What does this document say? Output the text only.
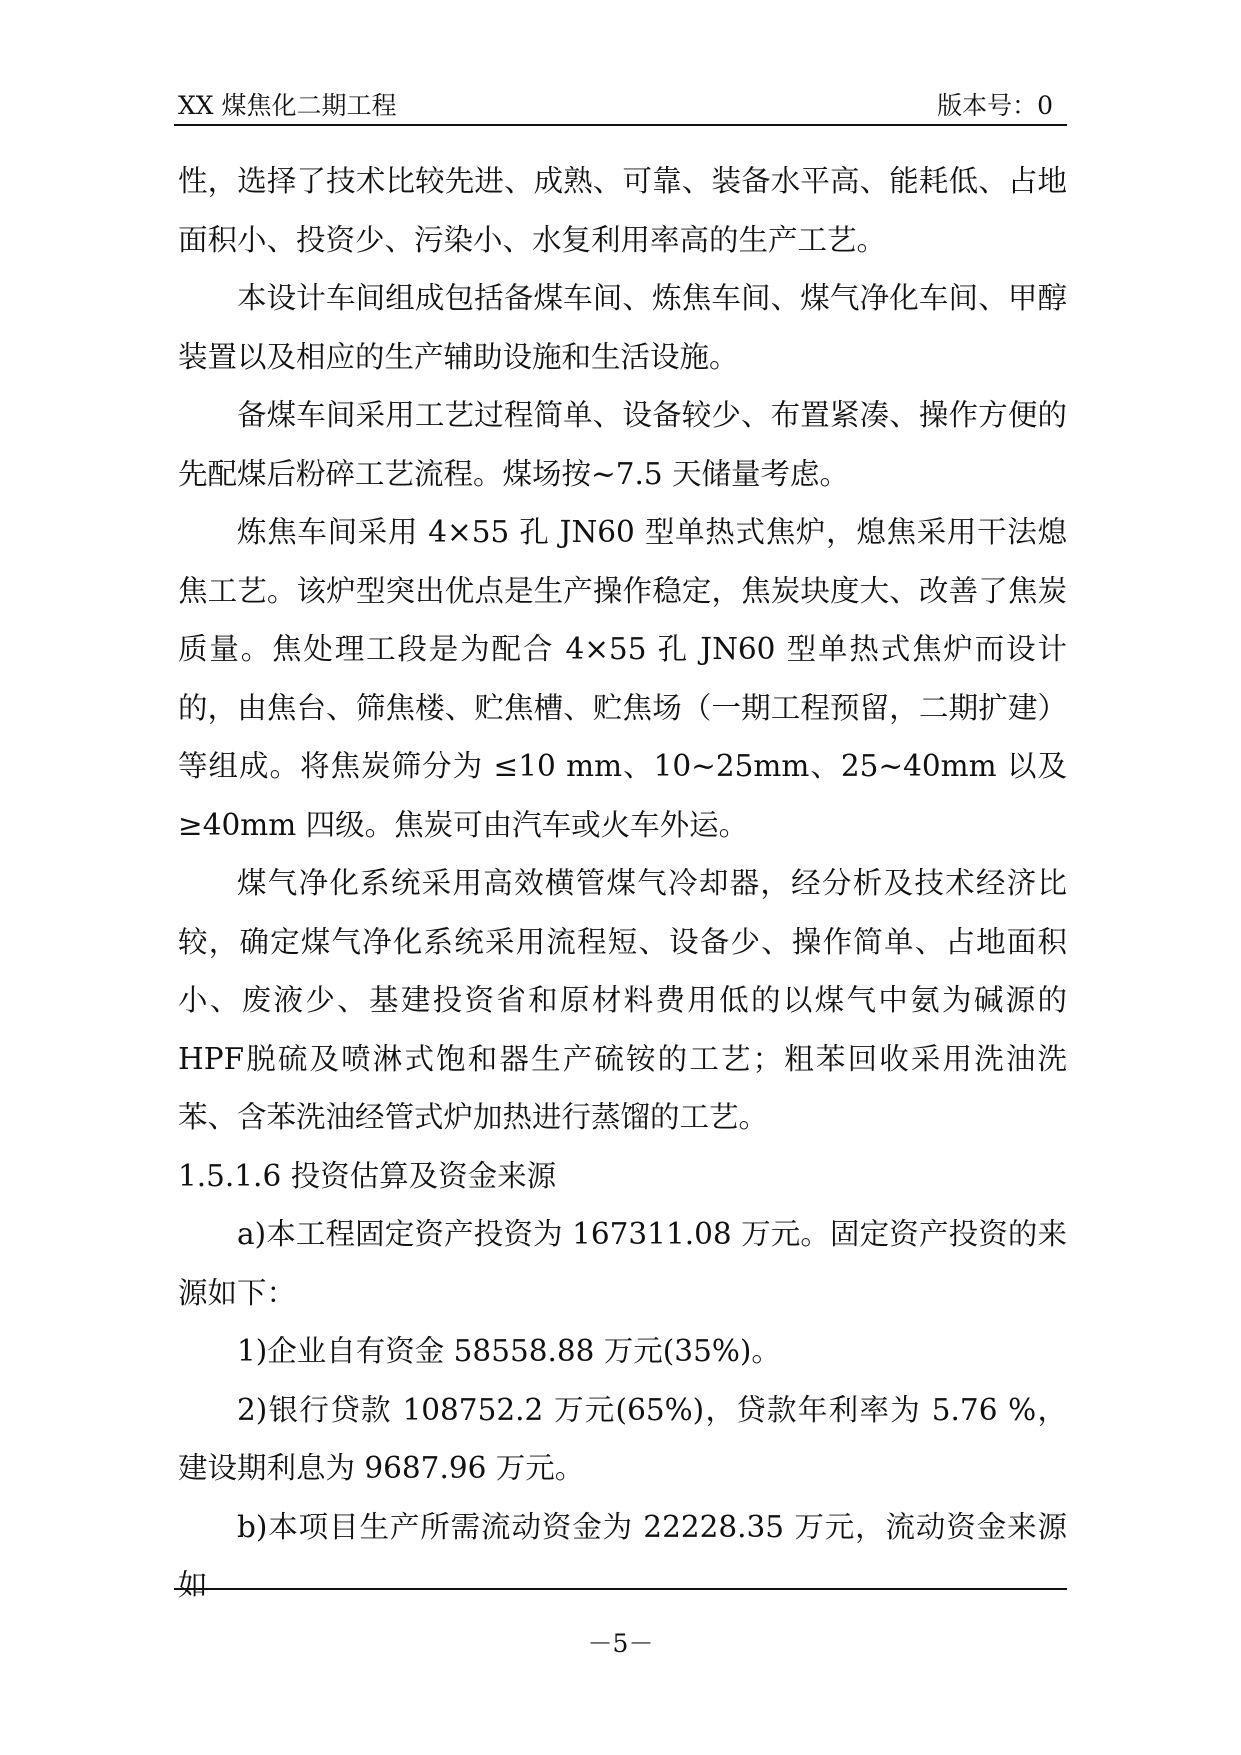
XX 煤焦化二期工程	版本号：0

性，选择了技术比较先进、成熟、可靠、装备水平高、能耗低、占地面积小、投资少、污染小、水复利用率高的生产工艺。

本设计车间组成包括备煤车间、炼焦车间、煤气净化车间、甲醇装置以及相应的生产辅助设施和生活设施。

备煤车间采用工艺过程简单、设备较少、布置紧凑、操作方便的先配煤后粉碎工艺流程。煤场按~7.5 天储量考虑。

炼焦车间采用 4×55 孔 JN60 型单热式焦炉，熄焦采用干法熄焦工艺。该炉型突出优点是生产操作稳定，焦炭块度大、改善了焦炭质量。焦处理工段是为配合 4×55 孔 JN60 型单热式焦炉而设计的，由焦台、筛焦楼、贮焦槽、贮焦场（一期工程预留，二期扩建）等组成。将焦炭筛分为 ≤10 mm、10~25mm、25~40mm 以及≥40mm 四级。焦炭可由汽车或火车外运。

煤气净化系统采用高效横管煤气冷却器，经分析及技术经济比较，确定煤气净化系统采用流程短、设备少、操作简单、占地面积小、废液少、基建投资省和原材料费用低的以煤气中氨为碱源的HPF脱硫及喷淋式饱和器生产硫铵的工艺；粗苯回收采用洗油洗苯、含苯洗油经管式炉加热进行蒸馏的工艺。

1.5.1.6 投资估算及资金来源

a)本工程固定资产投资为 167311.08 万元。固定资产投资的来源如下：

1)企业自有资金 58558.88 万元(35%)。

2)银行贷款 108752.2 万元(65%)，贷款年利率为 5.76 %，建设期利息为 9687.96 万元。

b)本项目生产所需流动资金为 22228.35 万元，流动资金来源如

－5－
